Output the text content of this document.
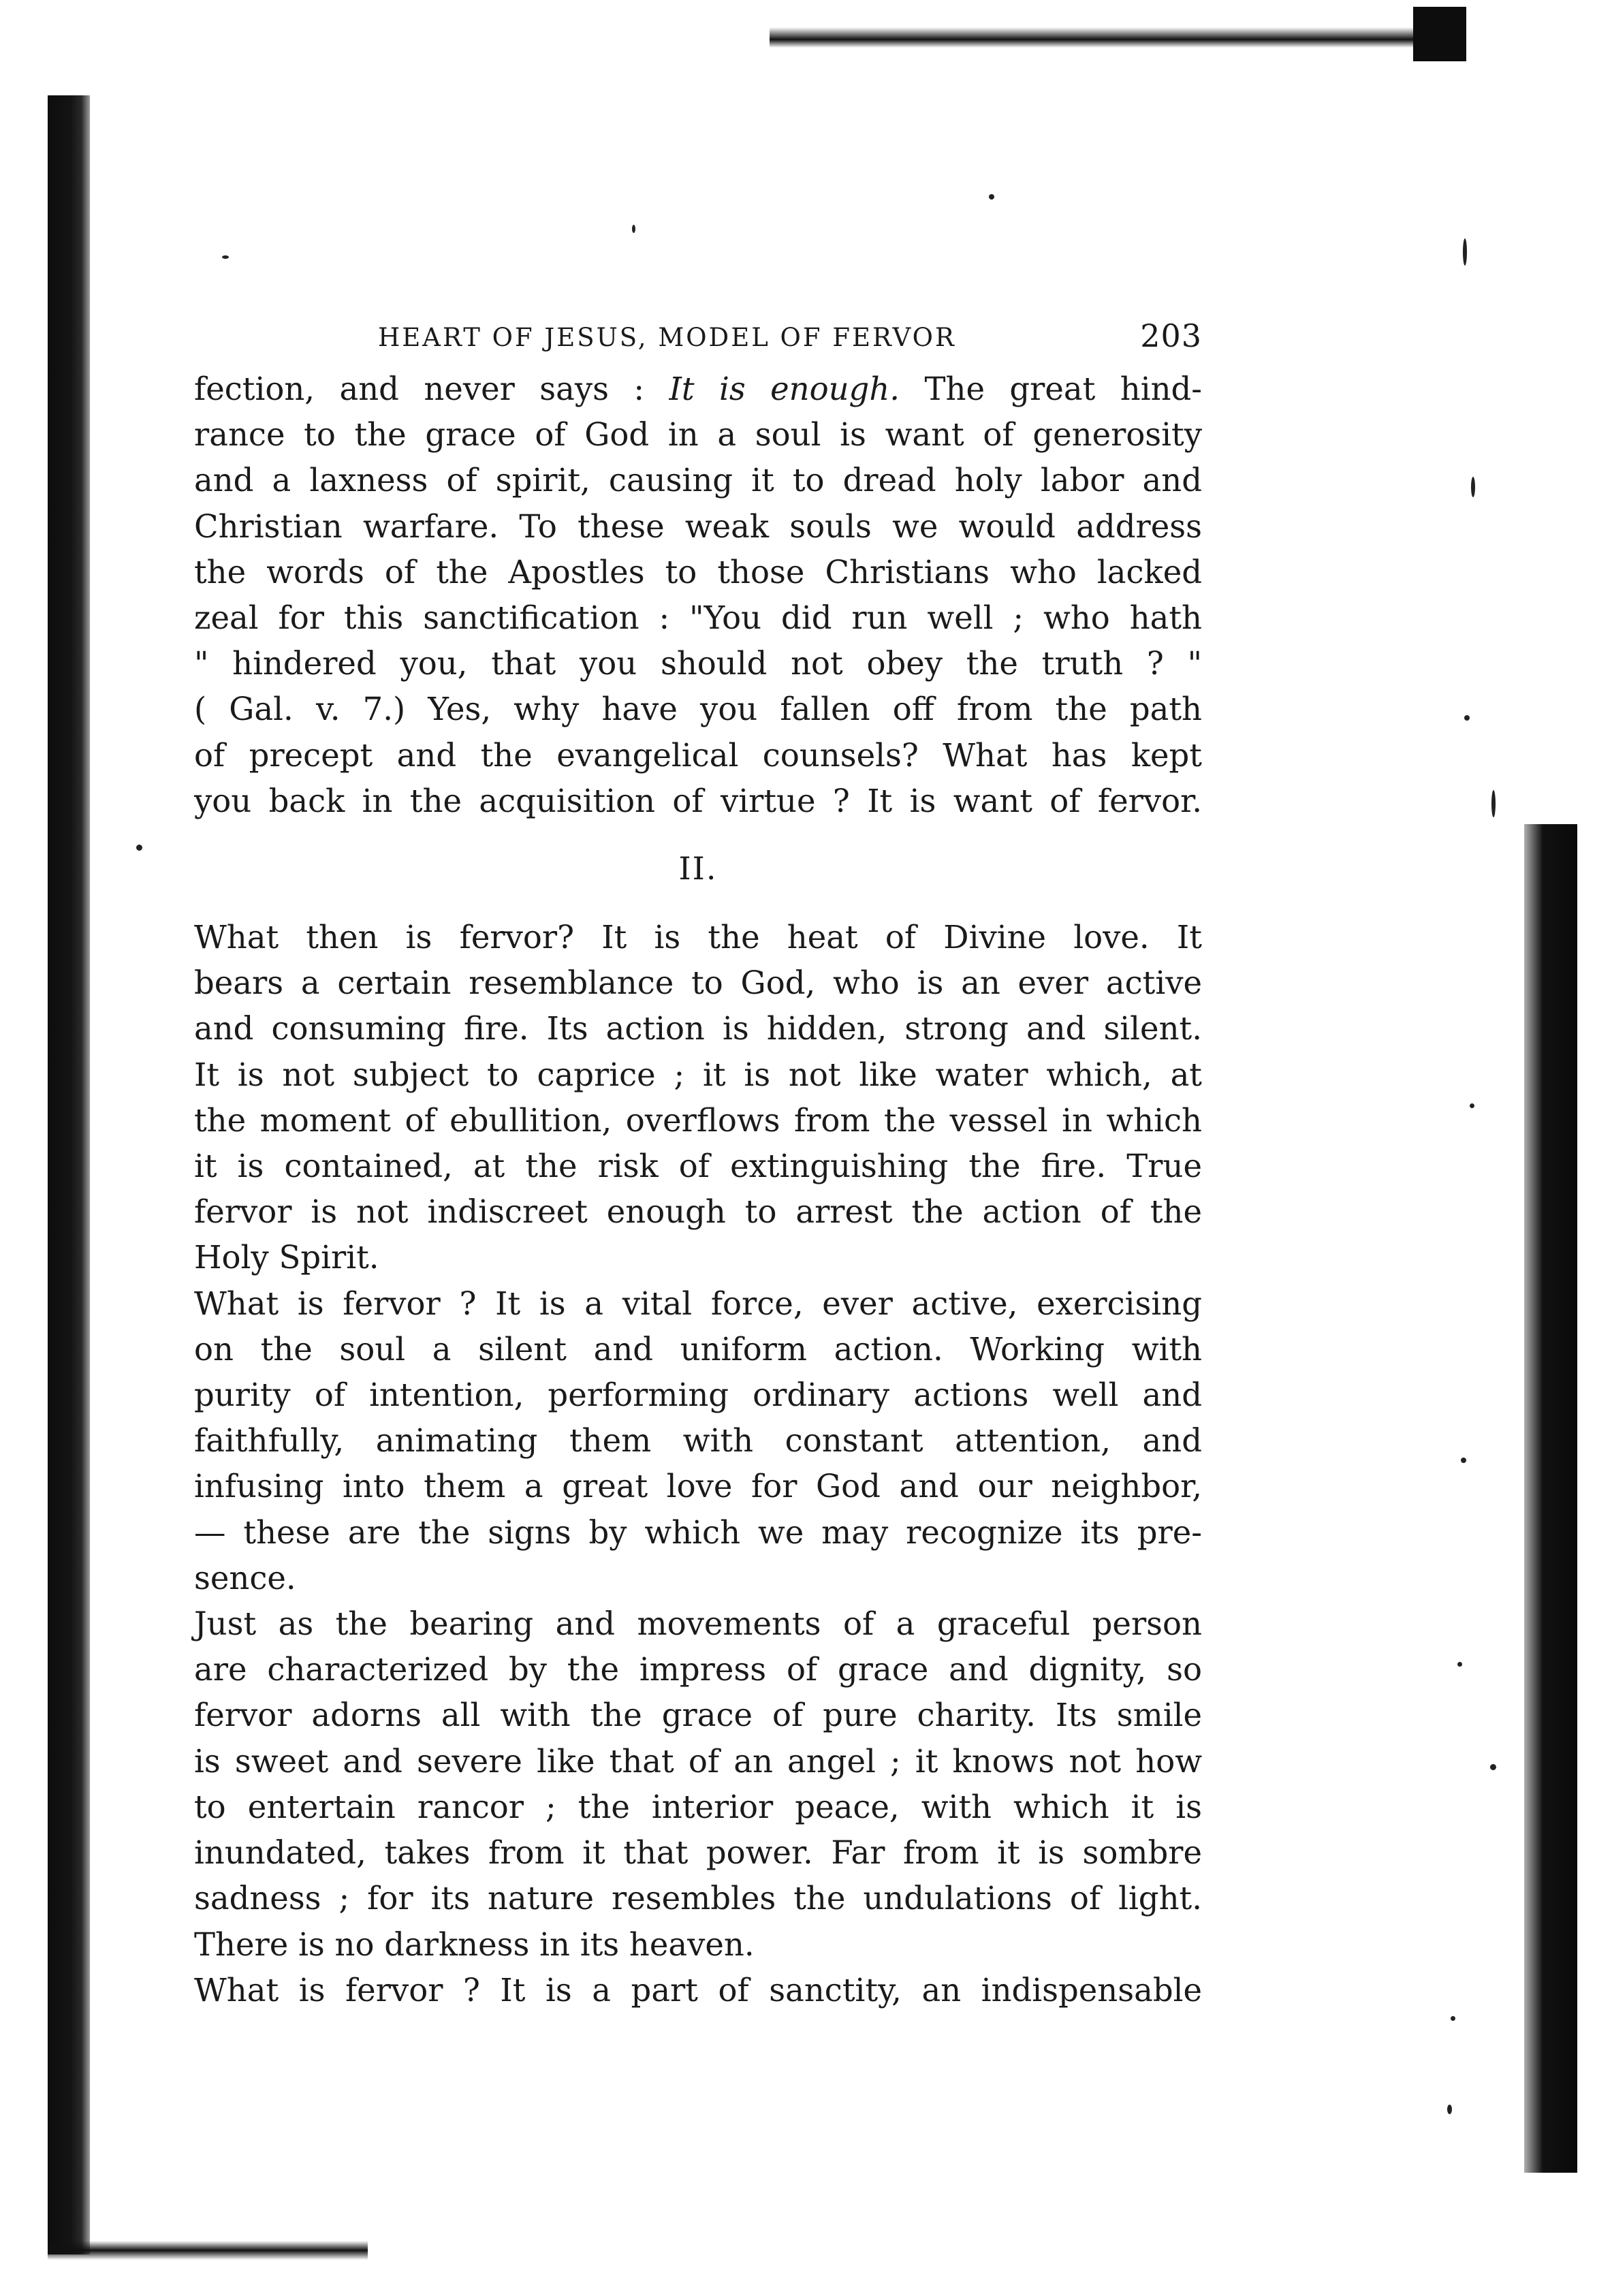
HEART OF JESUS, MODEL OF FERVOR	203

fection, and never says : It is enough. The great hind-

rance to the grace of God in a soul is want of generosity

and a laxness of spirit, causing it to dread holy labor and

Christian warfare. To these weak souls we would address

the words of the Apostles to those Christians who lacked

zeal for this sanctification : "You did run well ; who hath

" hindered you, that you should not obey the truth ? "

( Gal. v. 7.) Yes, why have you fallen off from the path

of precept and the evangelical counsels? What has kept

you back in the acquisition of virtue ? It is want of fervor.

II.

What then is fervor? It is the heat of Divine love. It

bears a certain resemblance to God, who is an ever active

and consuming fire. Its action is hidden, strong and silent.

It is not subject to caprice ; it is not like water which, at

the moment of ebullition, overflows from the vessel in which

it is contained, at the risk of extinguishing the fire. True

fervor is not indiscreet enough to arrest the action of the

Holy Spirit.

What is fervor ? It is a vital force, ever active, exercising

on the soul a silent and uniform action. Working with

purity of intention, performing ordinary actions well and

faithfully, animating them with constant attention, and

infusing into them a great love for God and our neighbor,

— these are the signs by which we may recognize its pre-

sence.

Just as the bearing and movements of a graceful person

are characterized by the impress of grace and dignity, so

fervor adorns all with the grace of pure charity. Its smile

is sweet and severe like that of an angel ; it knows not how

to entertain rancor ; the interior peace, with which it is

inundated, takes from it that power. Far from it is sombre

sadness ; for its nature resembles the undulations of light.

There is no darkness in its heaven.

What is fervor ? It is a part of sanctity, an indispensable
